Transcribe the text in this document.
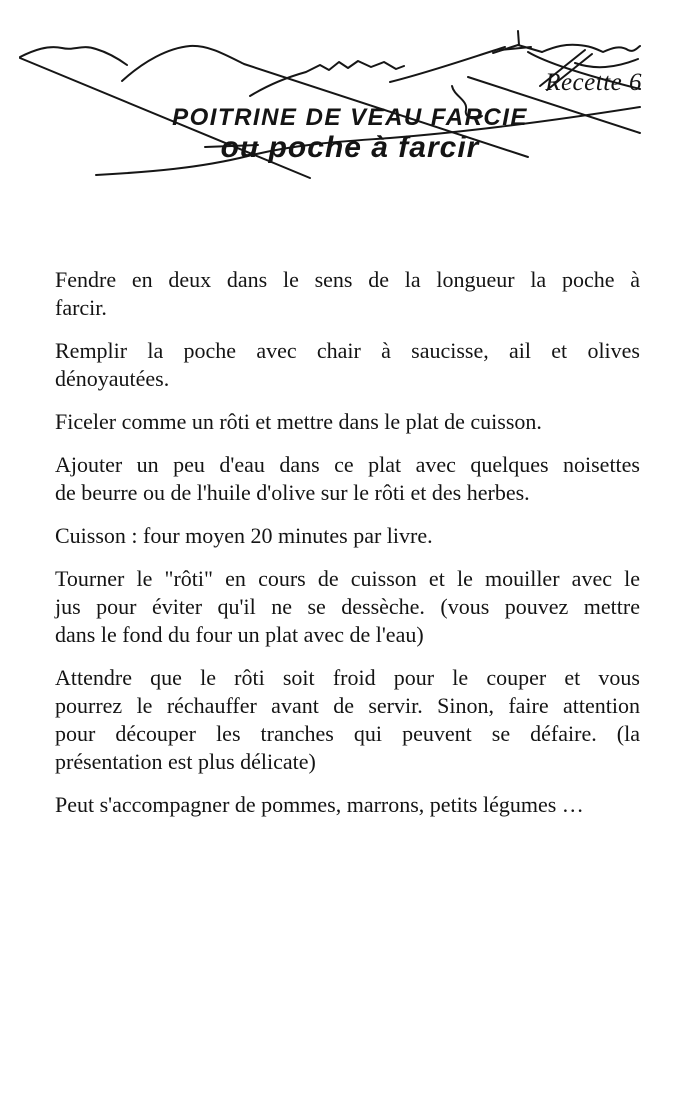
Recette 6
POITRINE DE VEAU FARCIE
ou poche à farcir
Fendre en deux dans le sens de la longueur la poche à
farcir.
Remplir la poche avec chair à saucisse, ail et olives
dénoyautées.
Ficeler comme un rôti et mettre dans le plat de cuisson.
Ajouter un peu d'eau dans ce plat avec quelques noisettes
de beurre ou de l'huile d'olive sur le rôti et des herbes.
Cuisson : four moyen 20 minutes par livre.
Tourner le "rôti" en cours de cuisson et le mouiller avec le
jus pour éviter qu'il ne se dessèche. (vous pouvez mettre
dans le fond du four un plat avec de l'eau)
Attendre que le rôti soit froid pour le couper et vous
pourrez le réchauffer avant de servir. Sinon, faire attention
pour découper les tranches qui peuvent se défaire. (la
présentation est plus délicate)
Peut s'accompagner de pommes, marrons, petits légumes …
